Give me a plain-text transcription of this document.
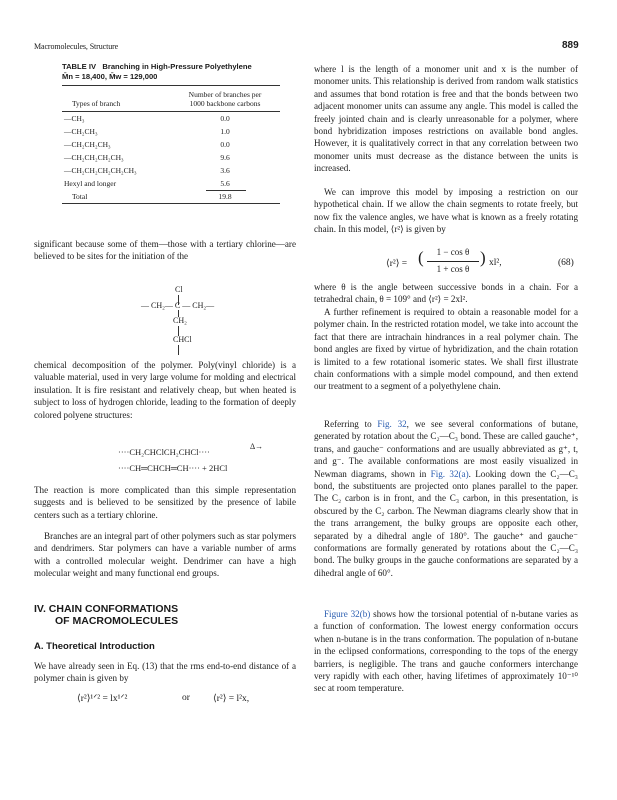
Macromolecules, Structure	889
TABLE IV Branching in High-Pressure Polyethylene
M̄n = 18,400, M̄w = 129,000
Types of branch	Number of branches per
1000 backbone carbons

—CH₃	0.0
—CH₂CH₃	1.0
—CH₂CH₂CH₃	0.0
—CH₂CH₂CH₂CH₃	9.6
—CH₂CH₂CH₂CH₂CH₃	3.6
Hexyl and longer	5.6
Total	19.8

significant because some of them—those with a tertiary chlorine—are believed to be sites for the initiation of the

Cl
— CH₂— C — CH₂—
CH₂
CHCl

chemical decomposition of the polymer. Poly(vinyl chloride) is a valuable material, used in very large volume for molding and electrical insulation. It is fire resistant and relatively cheap, but when heated is subject to loss of hydrogen chloride, leading to the formation of deeply colored polyene structures:

····CH₂CHClCH₂CHCl····
Δ→
····CH═CHCH═CH···· + 2HCl

The reaction is more complicated than this simple representation suggests and is believed to be sensitized by the presence of labile centers such as a tertiary chlorine.

Branches are an integral part of other polymers such as star polymers and dendrimers. Star polymers can have a variable number of arms with a controlled molecular weight. Dendrimer can have a high molecular weight and many functional end groups.

IV. CHAIN CONFORMATIONS
OF MACROMOLECULES
A. Theoretical Introduction

We have already seen in Eq. (13) that the rms end-to-end distance of a polymer chain is given by

⟨r²⟩¹ᐟ² = lx¹ᐟ²	or ⟨r²⟩ = l²x,

where l is the length of a monomer unit and x is the number of monomer units. This relationship is derived from random walk statistics and assumes that bond rotation is free and that the bonds between two adjacent monomer units can assume any angle. This model is called the freely jointed chain and is clearly unreasonable for a polymer, where bond hybridization imposes restrictions on available bond angles. However, it is qualitatively correct in that any correlation between two monomer units must decrease as the distance between the units is increased.

We can improve this model by imposing a restriction on our hypothetical chain. If we allow the chain segments to rotate freely, but now fix the valence angles, we have what is known as a freely rotating chain. In this model, ⟨r²⟩ is given by

⟨r²⟩ = (	1 − cos θ
1 + cos θ
) xl²,	(68)

where θ is the angle between successive bonds in a chain. For a tetrahedral chain, θ = 109° and ⟨r²⟩ = 2xl².

A further refinement is required to obtain a reasonable model for a polymer chain. In the restricted rotation model, we take into account the fact that there are intrachain hindrances in a real polymer chain. The bond angles are fixed by virtue of hybridization, and the chain rotation is limited to a few rotational isomeric states. We shall first illustrate chain conformations with a simple model compound, and then extend our treatment to a segment of a polyethylene chain.

Referring to Fig. 32, we see several conformations of butane, generated by rotation about the C₂—C₃ bond. These are called gauche⁺, trans, and gauche⁻ conformations and are usually abbreviated as g⁺, t, and g⁻. The available conformations are most easily visualized in Newman diagrams, shown in Fig. 32(a). Looking down the C₂—C₃ bond, the substituents are projected onto planes parallel to the paper. The C₂ carbon is in front, and the C₃ carbon, in this presentation, is obscured by the C₂ carbon. The Newman diagrams clearly show that in the trans arrangement, the bulky groups are opposite each other, separated by a dihedral angle of 180°. The gauche⁺ and gauche⁻ conformations are formally generated by rotations about the C₂—C₃ bond. The bulky groups in the gauche conformations are separated by a dihedral angle of 60°.

Figure 32(b) shows how the torsional potential of n-butane varies as a function of conformation. The lowest energy conformation occurs when n-butane is in the trans conformation. The population of n-butane in the eclipsed conformations, corresponding to the tops of the energy barriers, is negligible. The trans and gauche conformers interchange very rapidly with each other, having lifetimes of approximately 10⁻¹⁰ sec at room temperature.
